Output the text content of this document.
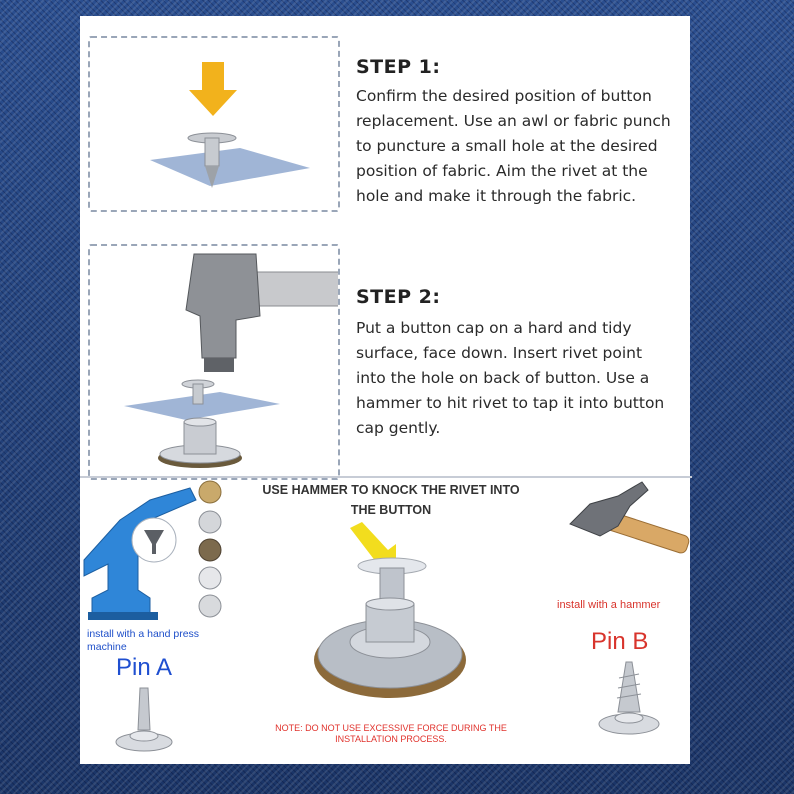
STEP 1:
Confirm the desired position of button
replacement. Use an awl or fabric punch
to puncture a small hole at the desired
position of fabric. Aim the rivet at the
hole and make it through the fabric.
STEP 2:
Put a button cap on a hard and tidy
surface, face down. Insert rivet point
into the hole on back of button. Use a
hammer to hit rivet to tap it into button
cap gently.
install with a hand press
machine
Pin A
USE HAMMER TO KNOCK THE RIVET INTO
THE BUTTON
NOTE: DO NOT USE EXCESSIVE FORCE DURING THE
INSTALLATION PROCESS.
install with a hammer
Pin B
